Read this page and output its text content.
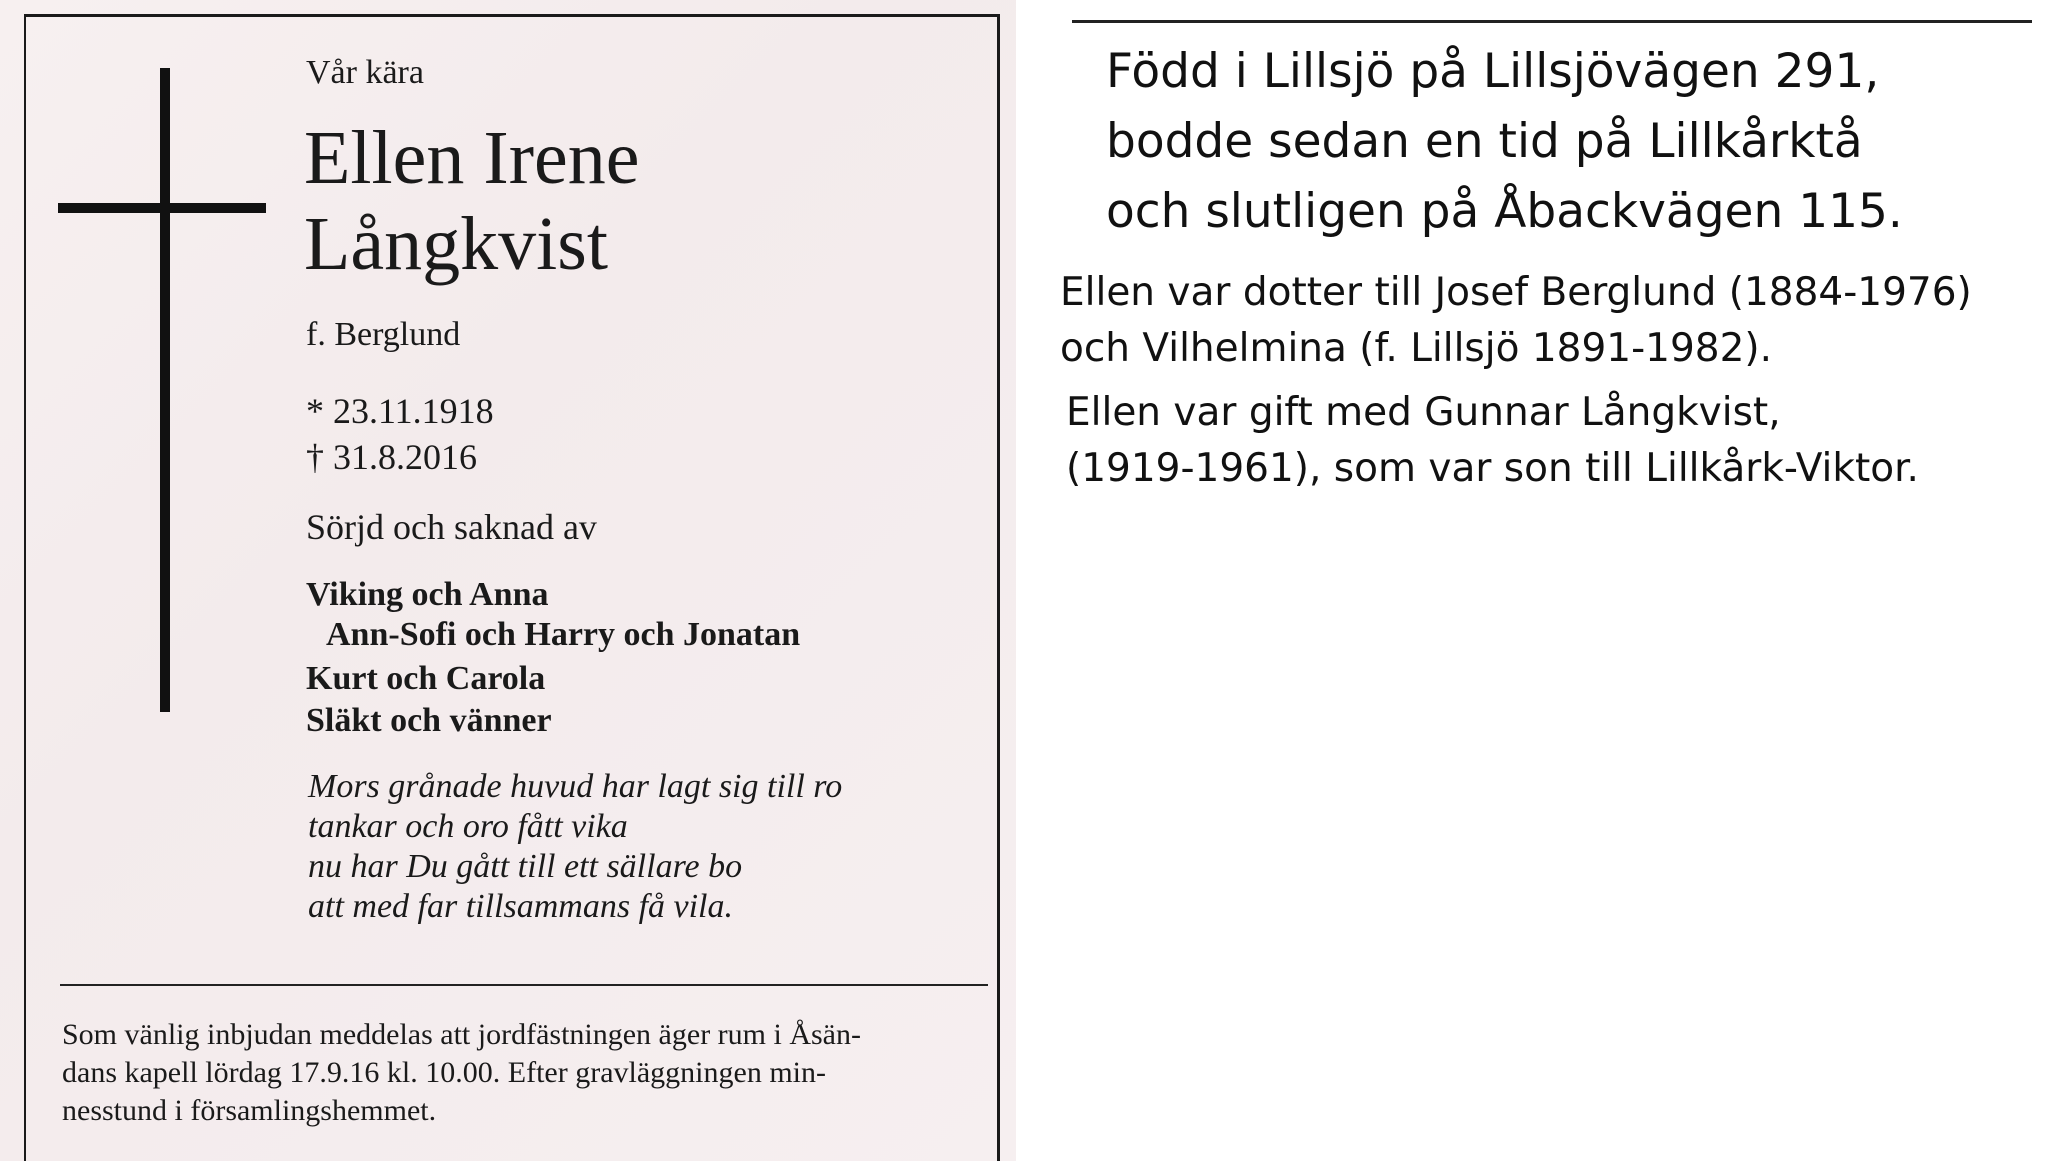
Vår kära

Ellen Irene

Långkvist

f. Berglund

* 23.11.1918

† 31.8.2016

Sörjd och saknad av

Viking och Anna

Ann-Sofi och Harry och Jonatan

Kurt och Carola

Släkt och vänner

Mors grånade huvud har lagt sig till ro

tankar och oro fått vika

nu har Du gått till ett sällare bo

att med far tillsammans få vila.

Som vänlig inbjudan meddelas att jordfästningen äger rum i Åsän-

dans kapell lördag 17.9.16 kl. 10.00. Efter gravläggningen min-

nesstund i församlingshemmet.

Född i Lillsjö på Lillsjövägen 291,

bodde sedan en tid på Lillkårktå

och slutligen på Åbackvägen 115.

Ellen var dotter till Josef Berglund (1884-1976)

och Vilhelmina (f. Lillsjö 1891-1982).

Ellen var gift med Gunnar Långkvist,

(1919-1961), som var son till Lillkårk-Viktor.
